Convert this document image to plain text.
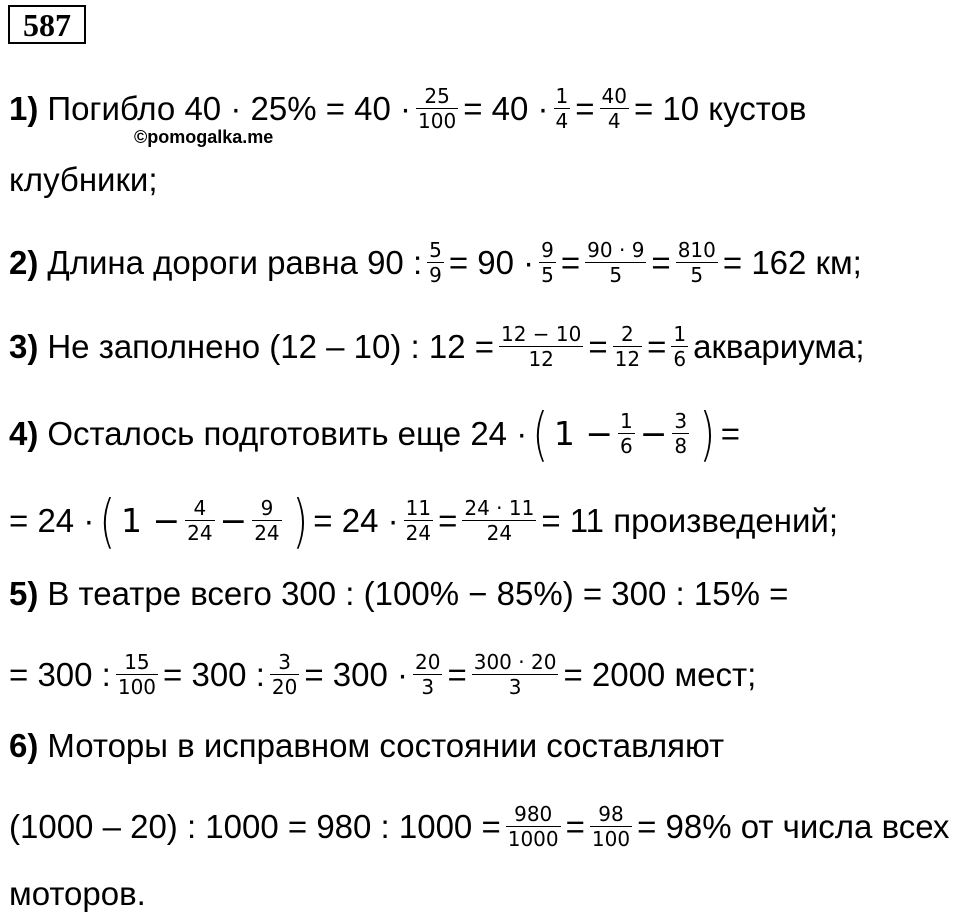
587
1) Погибло $40 \cdot 25\% = 40 \cdot \frac{25}{100} = 40 \cdot \frac{1}{4} = \frac{40}{4} = 10$ кустов
©pomogalka.me
клубники;
2) Длина дороги равна 90 : $\frac{5}{9} = 90 \cdot \frac{9}{5} = \frac{90 \cdot 9}{5} = \frac{810}{5} = 162$ км;
3) Не заполнено (12 – 10) : $12 = \frac{12 - 10}{12} = \frac{2}{12} = \frac{1}{6}$ аквариума;
4) Осталось подготовить еще 24 · ( $1 - \frac{1}{6} - \frac{3}{8}$ ) =
= 24 · ( $1 - \frac{4}{24} - \frac{9}{24}$ ) = $24 \cdot \frac{11}{24} = \frac{24 \cdot 11}{24} = 11$ произведений;
5) В театре всего 300 : (100% − 85%) = 300 : 15% =
= 300 : $\frac{15}{100} = 300$ : $\frac{3}{20} = 300 \cdot \frac{20}{3} = \frac{300 \cdot 20}{3} = 2000$ мест;
6) Моторы в исправном состоянии составляют
(1000 – 20) : 1000 = 980 : $1000 = \frac{980}{1000} = \frac{98}{100} = 98\%$ от числа всех
моторов.
